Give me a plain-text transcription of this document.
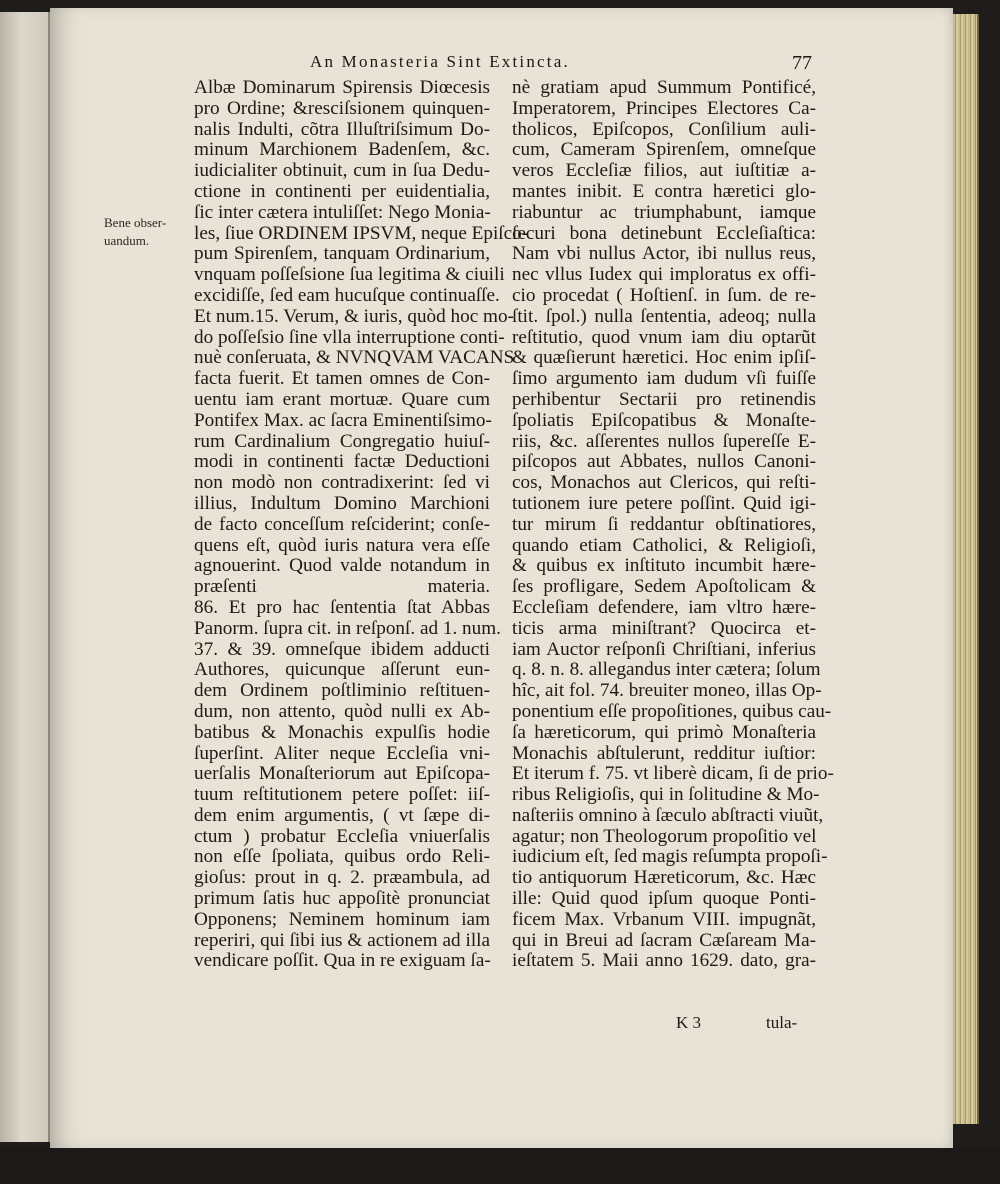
An Monasteria Sint Extincta.	77
Bene obser- uandum.
Albæ Dominarum Spirensis Diœcesis
pro Ordine; &resciſsionem quinquen-
nalis Indulti, cõtra Illuſtriſsimum Do-
minum Marchionem Badenſem, &c.
iudicialiter obtinuit, cum in ſua Dedu-
ctione in continenti per euidentialia,
ſic inter cætera intuliſſet: Nego Monia-
les, ſiue ORDINEM IPSVM, neque Epiſco-
pum Spirenſem, tanquam Ordinarium,
vnquam poſſeſsione ſua legitima & ciuili
excidiſſe, ſed eam hucuſque continuaſſe.
Et num.15. Verum, & iuris, quòd hoc mo-
do poſſeſsio ſine vlla interruptione conti-
nuè conſeruata, & NVNQVAM VACANS
facta fuerit. Et tamen omnes de Con-
uentu iam erant mortuæ. Quare cum
Pontifex Max. ac ſacra Eminentiſsimo-
rum Cardinalium Congregatio huiuſ-
modi in continenti factæ Deductioni
non modò non contradixerint: ſed vi
illius, Indultum Domino Marchioni
de facto conceſſum reſciderint; conſe-
quens eſt, quòd iuris natura vera eſſe
agnouerint. Quod valde notandum in
præſenti materia.
86. Et pro hac ſententia ſtat Abbas
Panorm. ſupra cit. in reſponſ. ad 1. num.
37. & 39. omneſque ibidem adducti
Authores, quicunque aſſerunt eun-
dem Ordinem poſtliminio reſtituen-
dum, non attento, quòd nulli ex Ab-
batibus & Monachis expulſis hodie
ſuperſint. Aliter neque Eccleſia vni-
uerſalis Monaſteriorum aut Epiſcopa-
tuum reſtitutionem petere poſſet: iiſ-
dem enim argumentis, ( vt ſæpe di-
ctum ) probatur Eccleſia vniuerſalis
non eſſe ſpoliata, quibus ordo Reli-
gioſus: prout in q. 2. præambula, ad
primum ſatis huc appoſitè pronunciat
Opponens; Neminem hominum iam
reperiri, qui ſibi ius & actionem ad illa
vendicare poſſit. Qua in re exiguam ſa-
nè gratiam apud Summum Pontificé,
Imperatorem, Principes Electores Ca-
tholicos, Epiſcopos, Conſilium auli-
cum, Cameram Spirenſem, omneſque
veros Eccleſiæ filios, aut iuſtitiæ a-
mantes inibit. E contra hæretici glo-
riabuntur ac triumphabunt, iamque
ſecuri bona detinebunt Eccleſiaſtica:
Nam vbi nullus Actor, ibi nullus reus,
nec vllus Iudex qui imploratus ex offi-
cio procedat ( Hoſtienſ. in ſum. de re-
ſtit. ſpol.) nulla ſententia, adeoq; nulla
reſtitutio, quod vnum iam diu optarũt
& quæſierunt hæretici. Hoc enim ipſiſ-
ſimo argumento iam dudum vſi fuiſſe
perhibentur Sectarii pro retinendis
ſpoliatis Epiſcopatibus & Monaſte-
riis, &c. aſſerentes nullos ſupereſſe E-
piſcopos aut Abbates, nullos Canoni-
cos, Monachos aut Clericos, qui reſti-
tutionem iure petere poſſint. Quid igi-
tur mirum ſi reddantur obſtinatiores,
quando etiam Catholici, & Religioſi,
& quibus ex inſtituto incumbit hære-
ſes profligare, Sedem Apoſtolicam &
Eccleſiam defendere, iam vltro hære-
ticis arma miniſtrant? Quocirca et-
iam Auctor reſponſi Chriſtiani, inferius
q. 8. n. 8. allegandus inter cætera; ſolum
hîc, ait fol. 74. breuiter moneo, illas Op-
ponentium eſſe propoſitiones, quibus cau-
ſa hæreticorum, qui primò Monaſteria
Monachis abſtulerunt, redditur iuſtior:
Et iterum f. 75. vt liberè dicam, ſi de prio-
ribus Religioſis, qui in ſolitudine & Mo-
naſteriis omnino à ſæculo abſtracti viuũt,
agatur; non Theologorum propoſitio vel
iudicium eſt, ſed magis reſumpta propoſi-
tio antiquorum Hæreticorum, &c. Hæc
ille: Quid quod ipſum quoque Ponti-
ficem Max. Vrbanum VIII. impugnãt,
qui in Breui ad ſacram Cæſaream Ma-
ieſtatem 5. Maii anno 1629. dato, gra-
K 3	tula-
